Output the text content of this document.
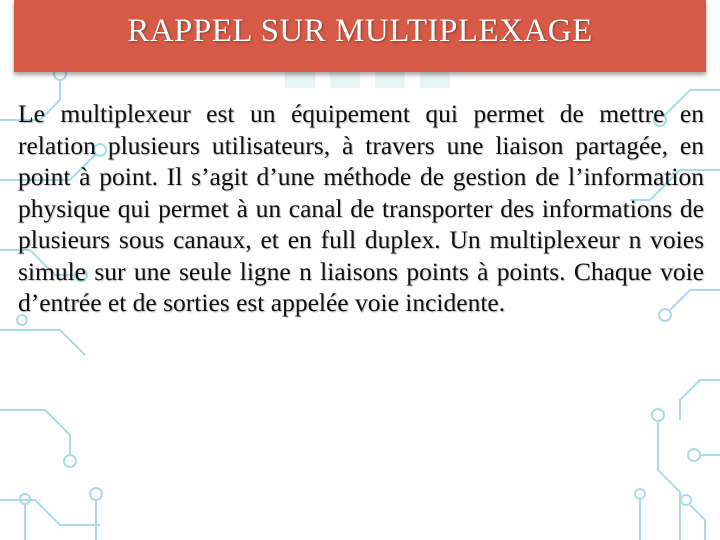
RAPPEL SUR MULTIPLEXAGE

Le multiplexeur est un équipement qui permet de mettre en relation plusieurs utilisateurs, à travers une liaison partagée, en point à point. Il s’agit d’une méthode de gestion de l’information physique qui permet à un canal de transporter des informations de plusieurs sous canaux, et en full duplex. Un multiplexeur n voies simule sur une seule ligne n liaisons points à points. Chaque voie d’entrée et de sorties est appelée voie incidente.
